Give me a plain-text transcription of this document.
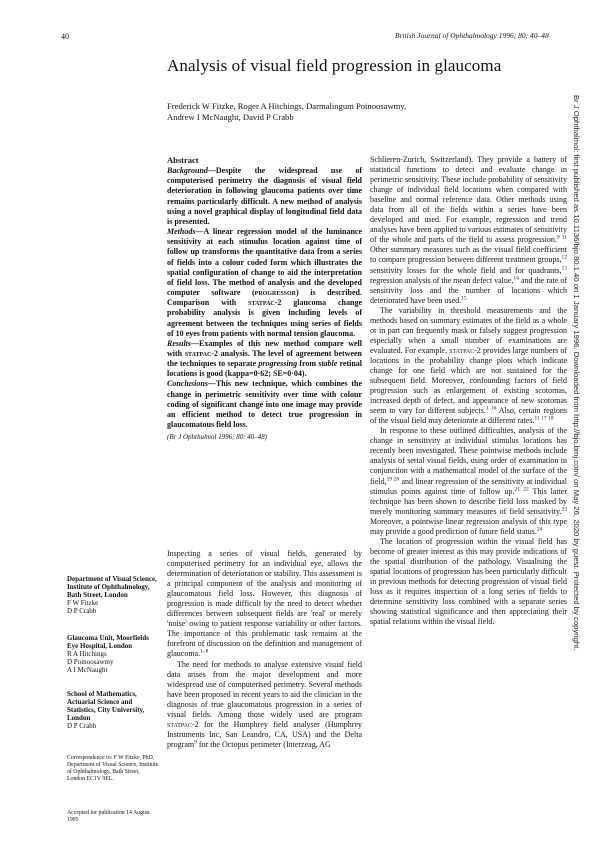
40	British Journal of Ophthalmology 1996; 80: 40–48
Analysis of visual field progression in glaucoma
Frederick W Fitzke, Roger A Hitchings, Darmalingum Poinoosawmy,
Andrew I McNaught, David P Crabb	Br J Ophthalmol: first published as 10.1136/bjo.80.1.40 on 1 January 1996. Downloaded from http://bjo.bmj.com/ on May 26, 2020 by guest. Protected by copyright.
Abstract

Background—Despite the widespread use of computerised perimetry the diagnosis of visual field deterioration in following glaucoma patients over time remains particularly difficult. A new method of analysis using a novel graphical display of longitudinal field data is presented.

Methods—A linear regression model of the luminance sensitivity at each stimulus location against time of follow up transforms the quantitative data from a series of fields into a colour coded form which illustrates the spatial configuration of change to aid the interpretation of field loss. The method of analysis and the developed computer software (progressor) is described. Comparison with statpac-2 glaucoma change probability analysis is given including levels of agreement between the techniques using series of fields of 10 eyes from patients with normal tension glaucoma.

Results—Examples of this new method compare well with statpac-2 analysis. The level of agreement between the techniques to separate progressing from stable retinal locations is good (kappa=0·62; SE=0·04).

Conclusions—This new technique, which combines the change in perimetric sensitivity over time with colour coding of significant change into one image may provide an efficient method to detect true progression in glaucomatous field loss.

(Br J Ophthalmol 1996; 80: 40–48)

Schlieren-Zurich, Switzerland). They provide a battery of statistical functions to detect and evaluate change in perimetric sensitivity. These include probability of sensitivity change of individual field locations when compared with baseline and normal reference data. Other methods using data from all of the fields within a series have been developed and used. For example, regression and trend analyses have been applied to various estimates of sensitivity of the whole and parts of the field to assess progression.$^{9 11}$ Other summary measures such as the visual field coefficient to compare progression between different treatment groups,$^{12}$ sensitivity losses for the whole field and for quadrants,$^{13}$ regression analysis of the mean defect value,$^{14}$ and the rate of sensitivity loss and the number of locations which deteriorated have been used.$^{15}$

The variability in threshold measurements and the methods based on summary estimates of the field as a whole or in part can frequently mask or falsely suggest progression especially when a small number of examinations are evaluated. For example, statpac-2 provides large numbers of locations in the probability change plots which indicate change for one field which are not sustained for the subsequent field. Moreover, confounding factors of field progression such as enlargement of existing scotomas, increased depth of defect, and appearance of new scotomas seem to vary for different subjects.$^{1 16}$ Also, certain regions of the visual field may deteriorate at different rates.$^{11 17 18}$

In response to these outlined difficulties, analysis of the change in sensitivity at individual stimulus locations has recently been investigated. These pointwise methods include analysis of serial visual fields, using order of examination in conjunction with a mathematical model of the surface of the field,$^{19 20}$ and linear regression of the sensitivity at individual stimulus points against time of follow up.$^{21 22}$ This latter technique has been shown to describe field loss masked by merely monitoring summary measures of field sensitivity.$^{23}$ Moreover, a pointwise linear regression analysis of this type may provide a good prediction of future field status.$^{24}$

The location of progression within the visual field has become of greater interest as this may provide indications of the spatial distribution of the pathology. Visualising the spatial locations of progression has been particularly difficult in previous methods for detecting progression of visual field loss as it requires inspection of a long series of fields to determine sensitivity loss combined with a separate series showing statistical significance and then appreciating their spatial relations within the visual field.

Inspecting a series of visual fields, generated by computerised perimetry for an individual eye, allows the determination of deterioration or stability. This assessment is a principal component of the analysis and monitoring of glaucomatous field loss. However, this diagnosis of progression is made difficult by the need to detect whether differences between subsequent fields are 'real' or merely 'noise' owing to patient response variability or other factors. The importance of this problematic task remains at the forefront of discussion on the definition and management of glaucoma.$^{1-8}$

The need for methods to analyse extensive visual field data arises from the major development and more widespread use of computerised perimetry. Several methods have been proposed in recent years to aid the clinician in the diagnosis of true glaucomatous progression in a series of visual fields. Among those widely used are program statpac-2 for the Humphrey field analyser (Humphrey Instruments Inc, San Leandro, CA, USA) and the Delta program$^9$ for the Octopus perimeter (Interzeag, AG

Department of Visual Science, Institute of Ophthalmology, Bath Street, London
F W Fitzke
D P Crabb
Glaucoma Unit, Moorfields Eye Hospital, London
R A Hitchings
D Poinoosawmy
A I McNaught
School of Mathematics, Actuarial Science and Statistics, City University, London
D P Crabb
Correspondence to: F W Fitzke, PhD, Department of Visual Science, Institute of Ophthalmology, Bath Street, London EC1V 9EL.
Accepted for publication 14 August 1995
